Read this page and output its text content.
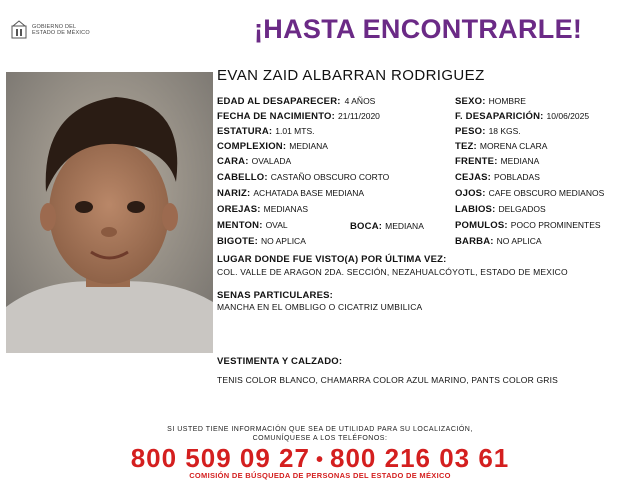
GOBIERNO DEL
ESTADO DE MÉXICO	¡HASTA ENCONTRARLE!
EVAN ZAID ALBARRAN RODRIGUEZ
EDAD AL DESAPARECER: 4 AÑOS
FECHA DE NACIMIENTO: 21/11/2020
ESTATURA: 1.01 MTS.
COMPLEXION: MEDIANA
CARA: OVALADA
CABELLO: CASTAÑO OBSCURO CORTO
NARIZ: ACHATADA BASE MEDIANA
OREJAS: MEDIANAS
MENTON: OVAL	BOCA: MEDIANA
BIGOTE: NO APLICA
SEXO: HOMBRE
F. DESAPARICIÓN: 10/06/2025
PESO: 18 KGS.
TEZ: MORENA CLARA
FRENTE: MEDIANA
CEJAS: POBLADAS
OJOS: CAFE OBSCURO MEDIANOS
LABIOS: DELGADOS
POMULOS: POCO PROMINENTES
BARBA: NO APLICA
LUGAR DONDE FUE VISTO(A) POR ÚLTIMA VEZ:
COL. VALLE DE ARAGON 2DA. SECCIÓN, NEZAHUALCÓYOTL, ESTADO DE MEXICO
SENAS PARTICULARES:
MANCHA EN EL OMBLIGO O CICATRIZ UMBILICA
VESTIMENTA Y CALZADO:
TENIS COLOR BLANCO, CHAMARRA COLOR AZUL MARINO, PANTS COLOR GRIS
SI USTED TIENE INFORMACIÓN QUE SEA DE UTILIDAD PARA SU LOCALIZACIÓN,
COMUNÍQUESE A LOS TELÉFONOS:
800 509 09 27 • 800 216 03 61
COMISIÓN DE BÚSQUEDA DE PERSONAS DEL ESTADO DE MÉXICO
